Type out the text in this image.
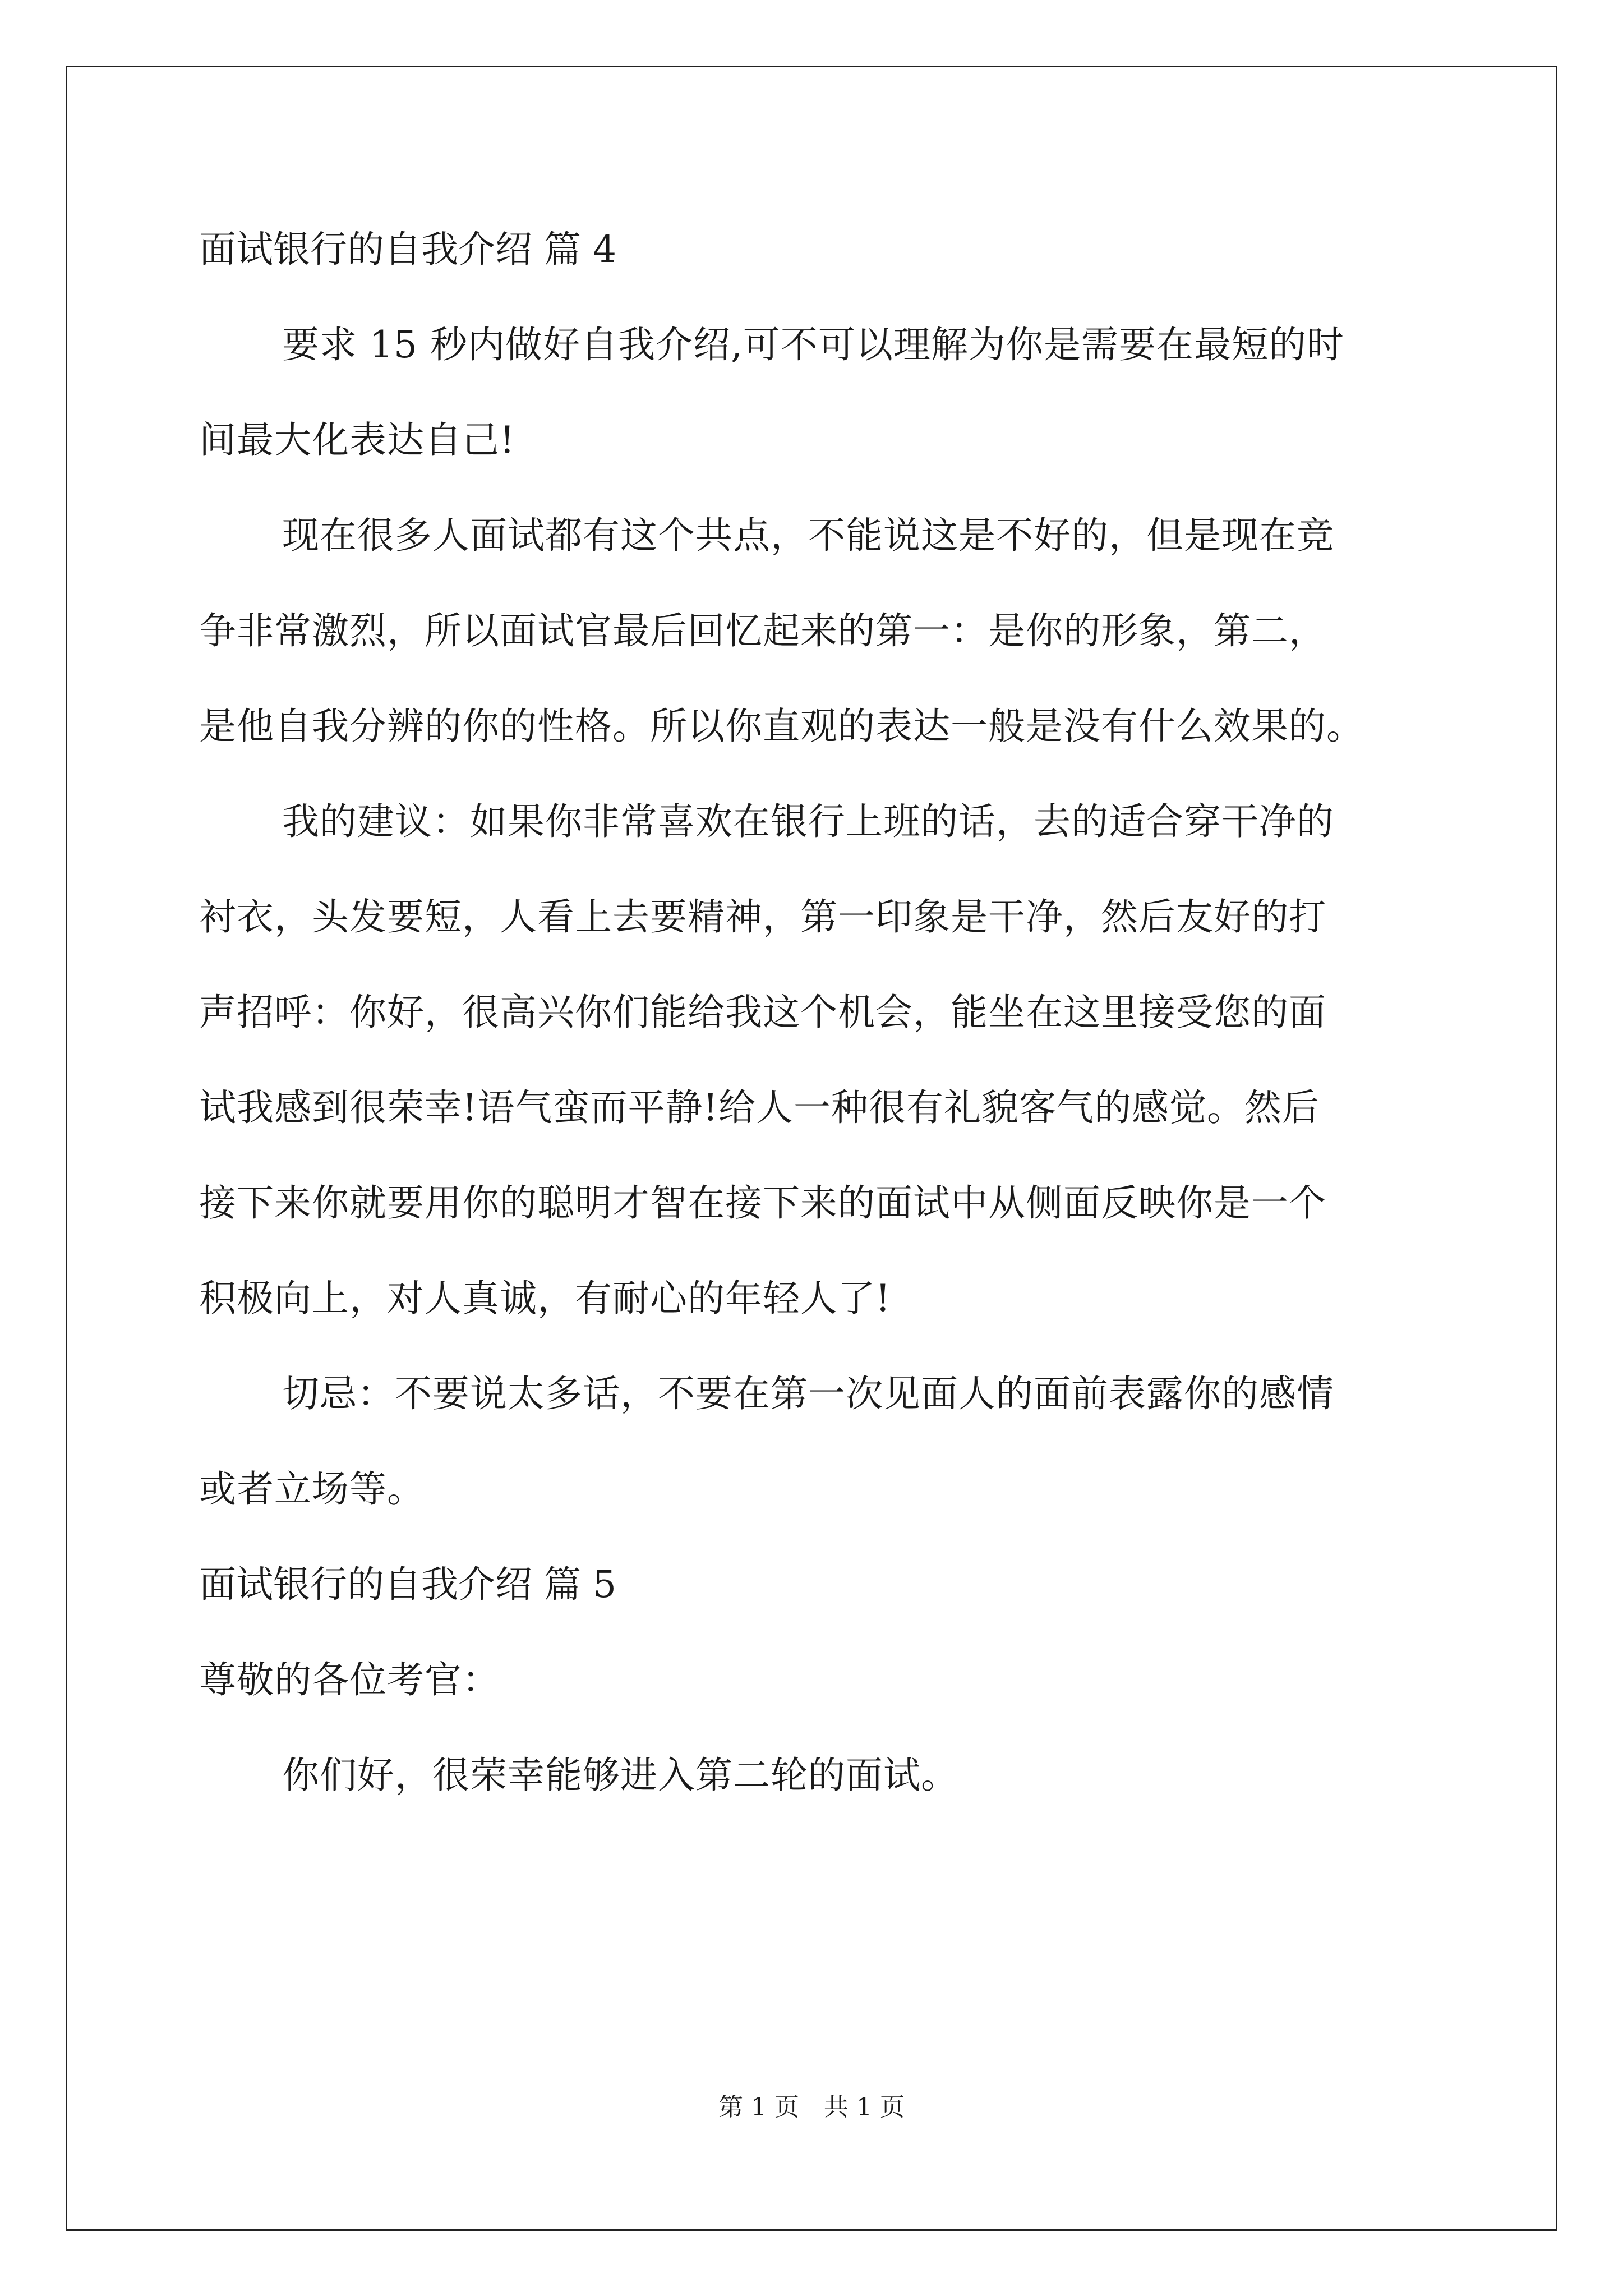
面试银行的自我介绍 篇 4
要求 15 秒内做好自我介绍,可不可以理解为你是需要在最短的时
间最大化表达自己!
现在很多人面试都有这个共点，不能说这是不好的，但是现在竞
争非常激烈，所以面试官最后回忆起来的第一：是你的形象，第二，
是他自我分辨的你的性格。所以你直观的表达一般是没有什么效果的。
我的建议：如果你非常喜欢在银行上班的话，去的适合穿干净的
衬衣，头发要短，人看上去要精神，第一印象是干净，然后友好的打
声招呼：你好，很高兴你们能给我这个机会，能坐在这里接受您的面
试我感到很荣幸!语气蛮而平静!给人一种很有礼貌客气的感觉。然后
接下来你就要用你的聪明才智在接下来的面试中从侧面反映你是一个
积极向上，对人真诚，有耐心的年轻人了!
切忌：不要说太多话，不要在第一次见面人的面前表露你的感情
或者立场等。
面试银行的自我介绍 篇 5
尊敬的各位考官：
你们好，很荣幸能够进入第二轮的面试。
第 1 页　共 1 页
